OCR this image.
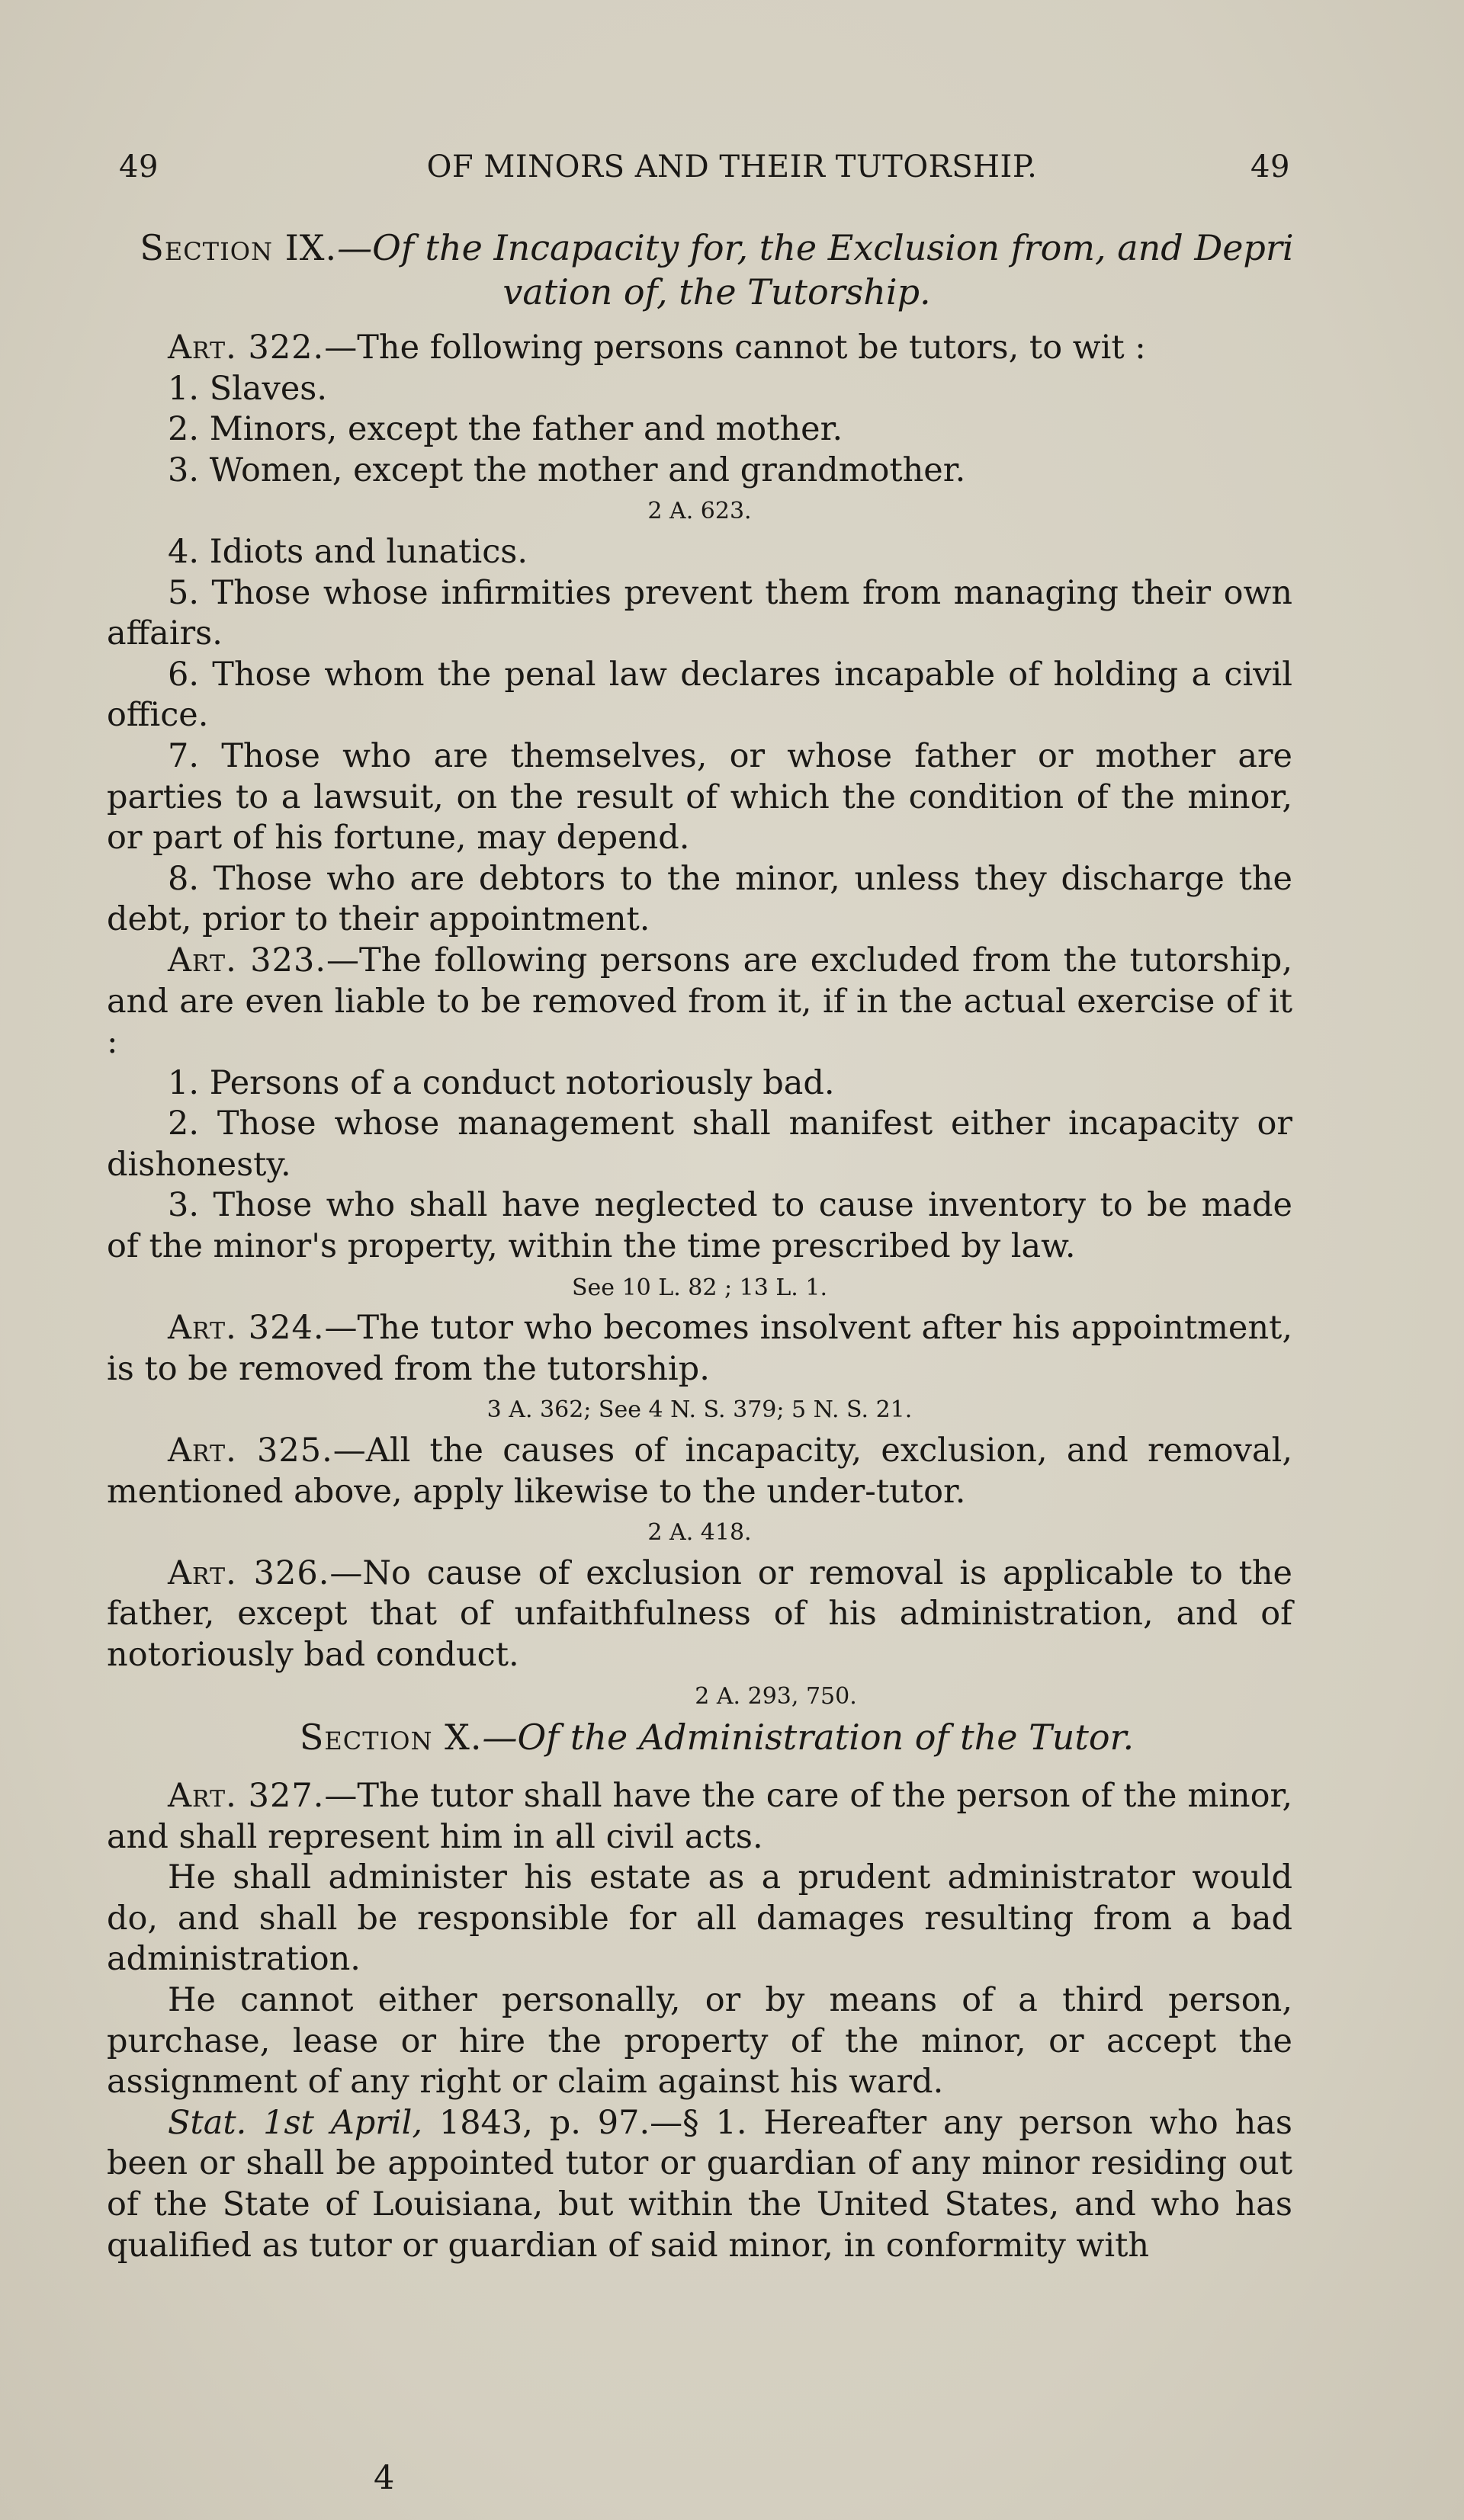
49	OF MINORS AND THEIR TUTORSHIP.	49
Section IX.—Of the Incapacity for, the Exclusion from, and Depri
vation of, the Tutorship.

Art. 322.—The following persons cannot be tutors, to wit :

1. Slaves.

2. Minors, except the father and mother.

3. Women, except the mother and grandmother.

2 A. 623.

4. Idiots and lunatics.

5. Those whose infirmities prevent them from managing their own affairs.

6. Those whom the penal law declares incapable of holding a civil office.

7. Those who are themselves, or whose father or mother are parties to a lawsuit, on the result of which the condition of the minor, or part of his fortune, may depend.

8. Those who are debtors to the minor, unless they discharge the debt, prior to their appointment.

Art. 323.—The following persons are excluded from the tutorship, and are even liable to be removed from it, if in the actual exercise of it :

1. Persons of a conduct notoriously bad.

2. Those whose management shall manifest either incapacity or dishonesty.

3. Those who shall have neglected to cause inventory to be made of the minor's property, within the time prescribed by law.

See 10 L. 82 ; 13 L. 1.

Art. 324.—The tutor who becomes insolvent after his appointment, is to be removed from the tutorship.

3 A. 362; See 4 N. S. 379; 5 N. S. 21.

Art. 325.—All the causes of incapacity, exclusion, and removal, mentioned above, apply likewise to the under-tutor.

2 A. 418.

Art. 326.—No cause of exclusion or removal is applicable to the father, except that of unfaithfulness of his administration, and of notoriously bad conduct.

2 A. 293, 750.

Section X.—Of the Administration of the Tutor.

Art. 327.—The tutor shall have the care of the person of the minor, and shall represent him in all civil acts.

He shall administer his estate as a prudent administrator would do, and shall be responsible for all damages resulting from a bad administration.

He cannot either personally, or by means of a third person, purchase, lease or hire the property of the minor, or accept the assignment of any right or claim against his ward.

Stat. 1st April, 1843, p. 97.—§ 1. Hereafter any person who has been or shall be appointed tutor or guardian of any minor residing out of the State of Louisiana, but within the United States, and who has qualified as tutor or guardian of said minor, in conformity with

4
